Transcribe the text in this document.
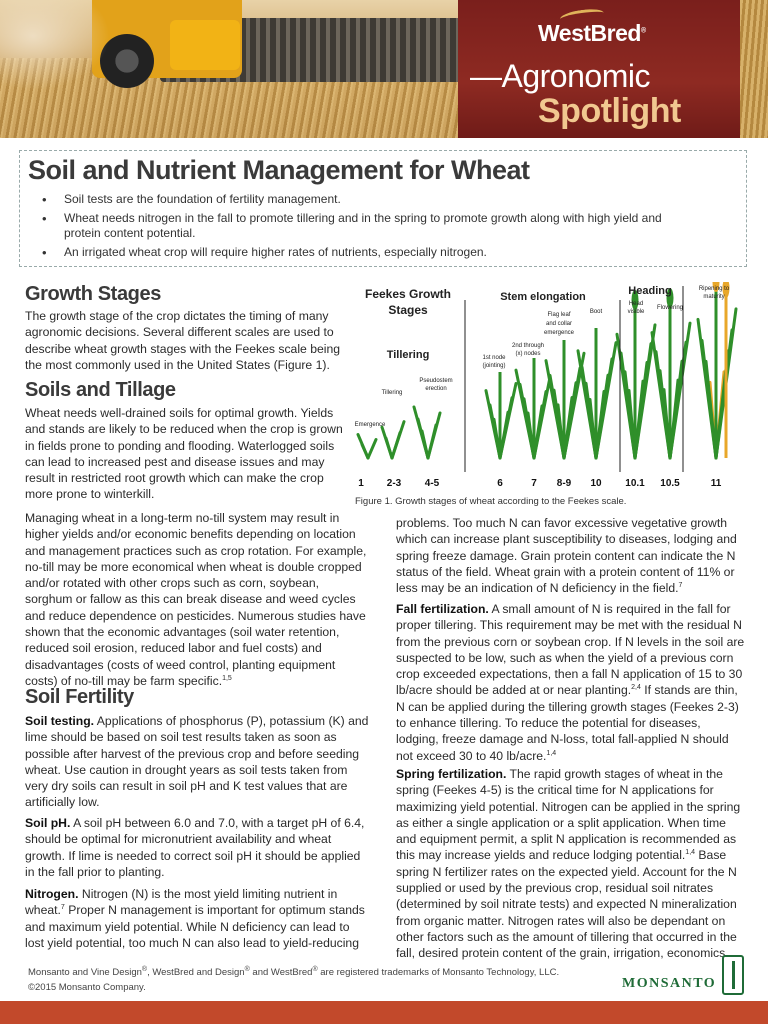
WestBred®
—Agronomic
Spotlight
Soil and Nutrient Management for Wheat
• Soil tests are the foundation of fertility management.
• Wheat needs nitrogen in the fall to promote tillering and in the spring to promote growth along with high yield and protein content potential.
• An irrigated wheat crop will require higher rates of nutrients, especially nitrogen.
Growth Stages
The growth stage of the crop dictates the timing of many agronomic decisions. Several different scales are used to describe wheat growth stages with the Feekes scale being the most commonly used in the United States (Figure 1).
Soils and Tillage
Wheat needs well-drained soils for optimal growth. Yields and stands are likely to be reduced when the crop is grown in fields prone to ponding and flooding. Waterlogged soils can lead to increased pest and disease issues and may result in restricted root growth which can make the crop more prone to winterkill.
Managing wheat in a long-term no-till system may result in higher yields and/or economic benefits depending on location and management practices such as crop rotation. For example, no-till may be more economical when wheat is double cropped and/or rotated with other crops such as corn, soybean, sorghum or fallow as this can break disease and weed cycles and reduce dependence on pesticides. Numerous studies have shown that the economic advantages (soil water retention, reduced soil erosion, reduced labor and fuel costs) and disadvantages (costs of weed control, planting equipment costs) of no-till may be farm specific.$^{1,5}$
Soil Fertility
Soil testing. Applications of phosphorus (P), potassium (K) and lime should be based on soil test results taken as soon as possible after harvest of the previous crop and before seeding wheat. Use caution in drought years as soil tests taken from very dry soils can result in soil pH and K test values that are artificially low.
Soil pH. A soil pH between 6.0 and 7.0, with a target pH of 6.4, should be optimal for micronutrient availability and wheat growth. If lime is needed to correct soil pH it should be applied in the fall prior to planting.
Nitrogen. Nitrogen (N) is the most yield limiting nutrient in wheat.$^7$ Proper N management is important for optimum stands and maximum yield potential. While N deficiency can lead to lost yield potential, too much N can also lead to yield-reducing
problems. Too much N can favor excessive vegetative growth which can increase plant susceptibility to diseases, lodging and spring freeze damage. Grain protein content can indicate the N status of the field. Wheat grain with a protein content of 11% or less may be an indication of N deficiency in the field.$^7$
Fall fertilization. A small amount of N is required in the fall for proper tillering. This requirement may be met with the residual N from the previous corn or soybean crop. If N levels in the soil are suspected to be low, such as when the yield of a previous corn crop exceeded expectations, then a fall N application of 15 to 30 lb/acre should be added at or near planting.$^{2,4}$ If stands are thin, N can be applied during the tillering growth stages (Feekes 2-3) to enhance tillering. To reduce the potential for diseases, lodging, freeze damage and N-loss, total fall-applied N should not exceed 30 to 40 lb/acre.$^{1,4}$
Spring fertilization. The rapid growth stages of wheat in the spring (Feekes 4-5) is the critical time for N applications for maximizing yield potential. Nitrogen can be applied in the spring as either a single application or a split application. When time and equipment permit, a split N application is recommended as this may increase yields and reduce lodging potential.$^{1,4}$ Base spring N fertilizer rates on the expected yield. Account for the N supplied or used by the previous crop, residual soil nitrates (determined by soil nitrate tests) and expected N mineralization from organic matter. Nitrogen rates will also be dependant on other factors such as the amount of tillering that occurred in the fall, desired protein content of the grain, irrigation, economics
Feekes Growth
Stages
Tillering
Stem elongation	Heading
Emergence
Tillering
Pseudostem
erection
1st node
(jointing)
2nd through
(x) nodes
Flag leaf
and collar
emergence
Boot
Head
visible
Flowering
Ripening to
maturity
1 2-3 4-5	6	7 8-9 10 10.1 10.5	11
Figure 1. Growth stages of wheat according to the Feekes scale.
Monsanto and Vine Design®, WestBred and Design® and WestBred® are registered trademarks of Monsanto Technology, LLC.
©2015 Monsanto Company.	MONSANTO
